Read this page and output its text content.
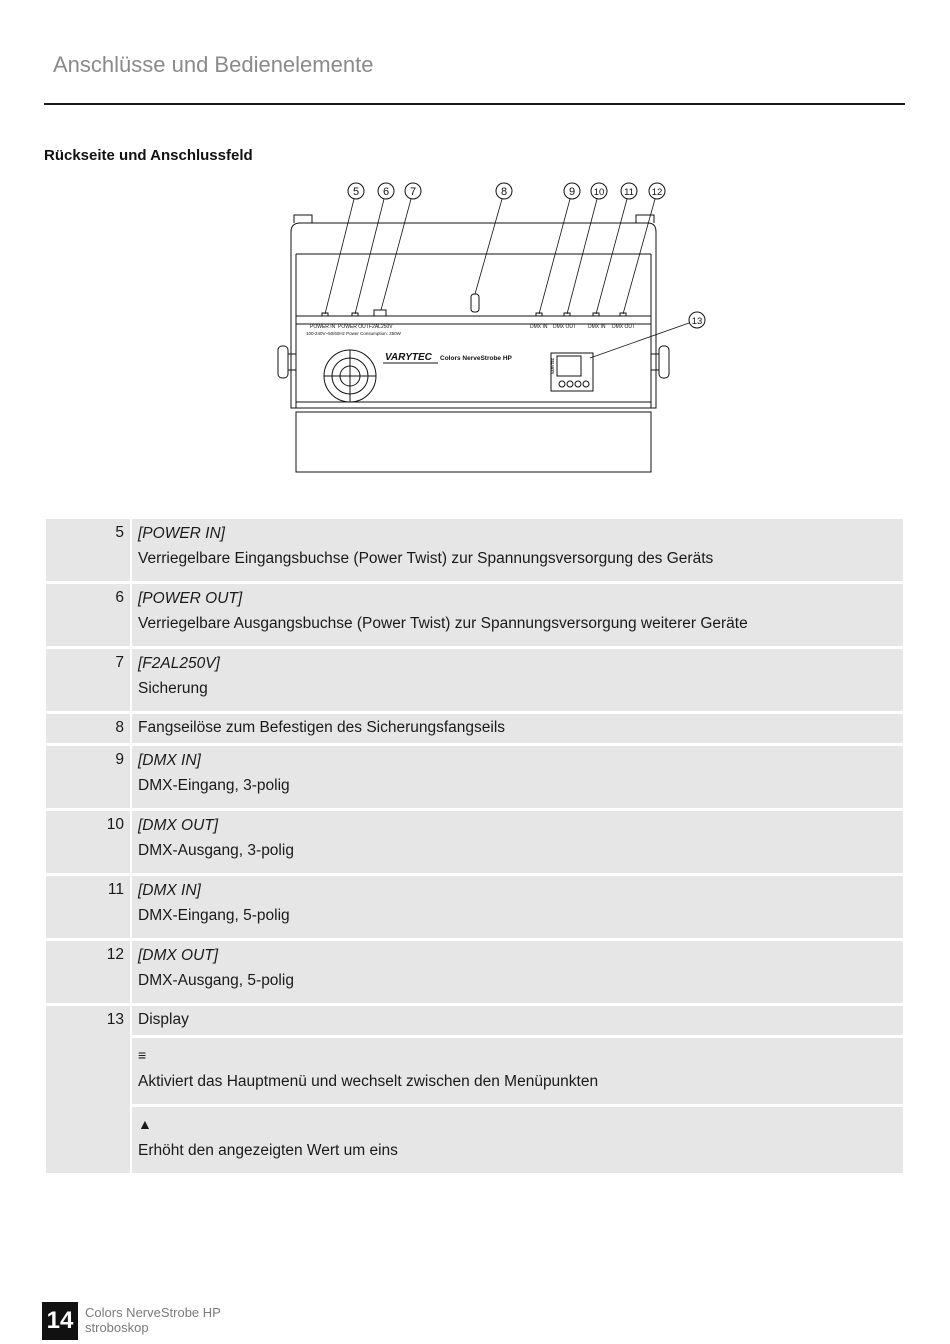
Anschlüsse und Bedienelemente
Rückseite und Anschlussfeld
5 6 7	8	9 10 11 12
13
POWER IN POWER OUT F2AL250V
100-240V~50/60Hz Power Consumption: 250W
DMX IN DMX OUT DMX IN DMX OUT
VARYTEC Colors NerveStrobe HP	VARYTEC
5	[POWER IN]
Verriegelbare Eingangsbuchse (Power Twist) zur Spannungsversorgung des Geräts

6	[POWER OUT]
Verriegelbare Ausgangsbuchse (Power Twist) zur Spannungsversorgung weiterer Geräte

7	[F2AL250V]
Sicherung

8	Fangseilöse zum Befestigen des Sicherungsfangseils

9	[DMX IN]
DMX-Eingang, 3-polig

10	[DMX OUT]
DMX-Ausgang, 3-polig

11	[DMX IN]
DMX-Eingang, 5-polig

12	[DMX OUT]
DMX-Ausgang, 5-polig

13	Display

	≡
Aktiviert das Hauptmenü und wechselt zwischen den Menüpunkten

	▲
Erhöht den angezeigten Wert um eins
14 Colors NerveStrobe HP
stroboskop
